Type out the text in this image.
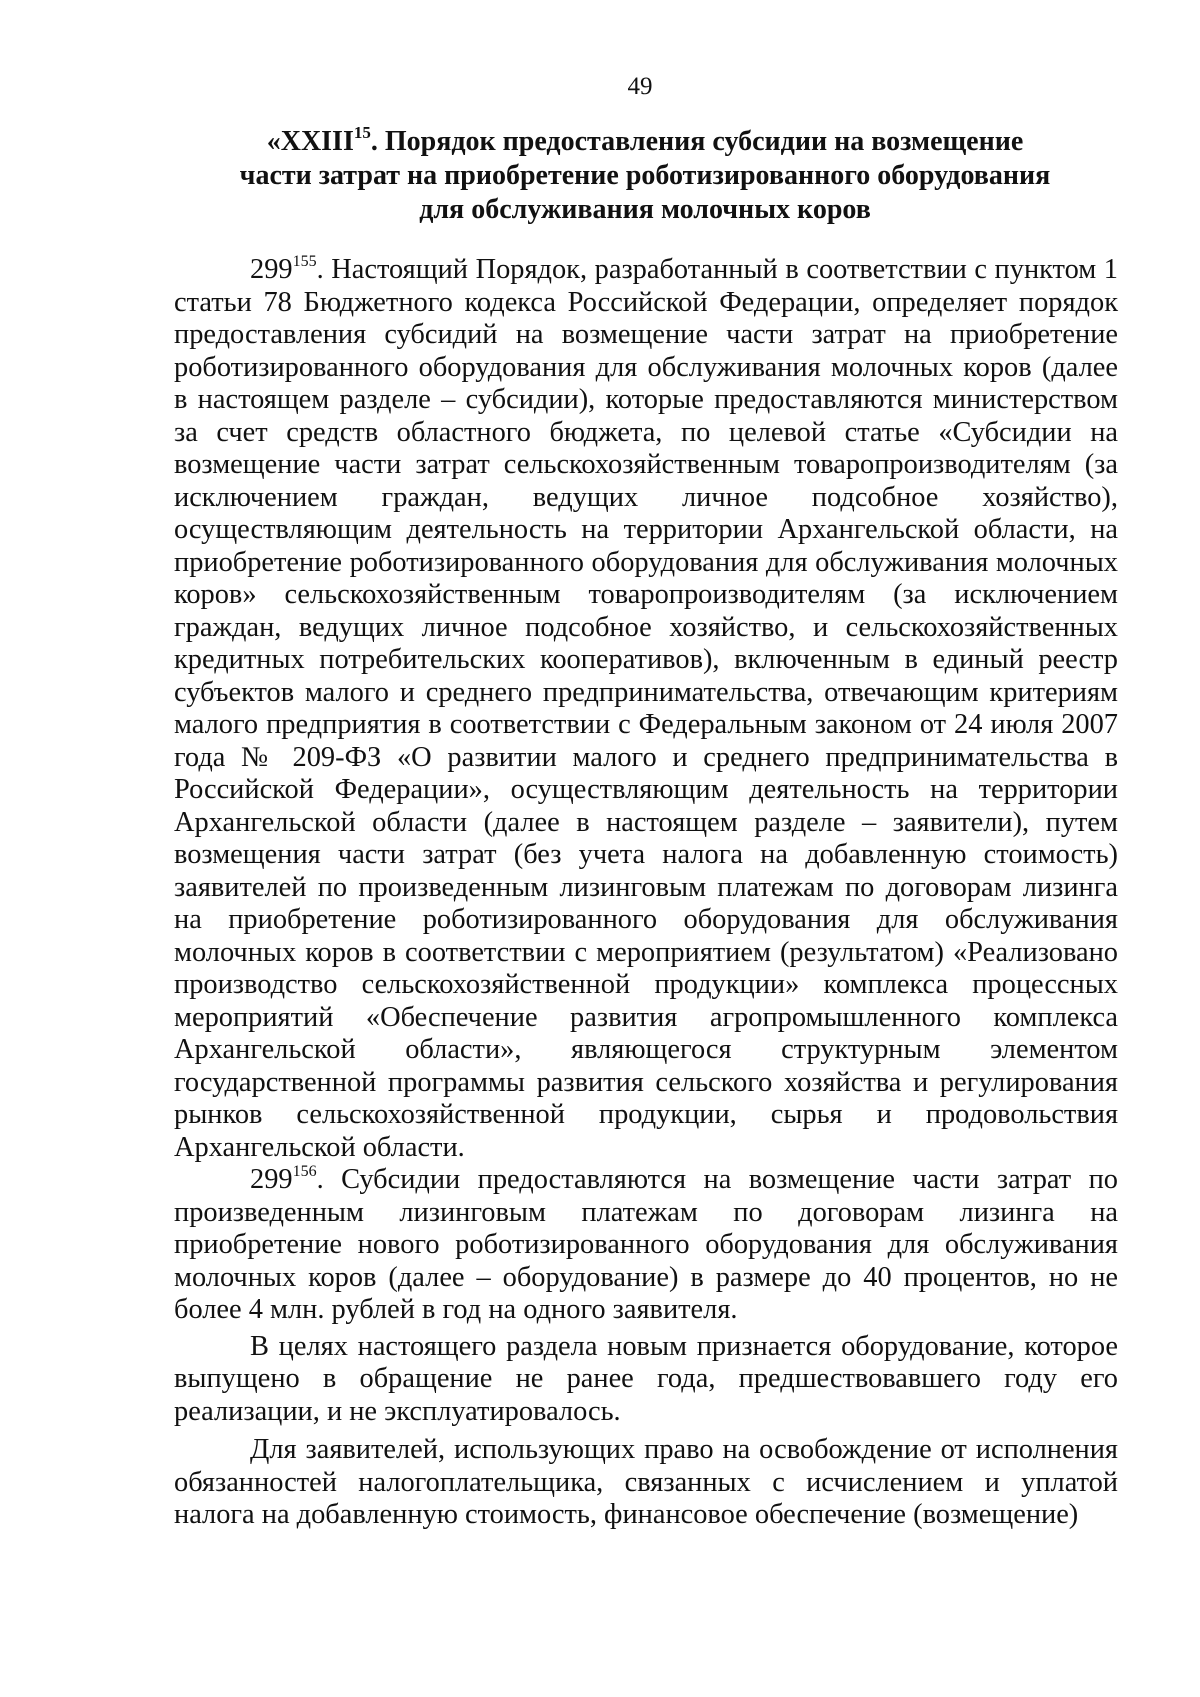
49
«XXIII$^{15}$. Порядок предоставления субсидии на возмещение
части затрат на приобретение роботизированного оборудования
для обслуживания молочных коров

$299^{155}$. Настоящий Порядок, разработанный в соответствии с пунктом 1 статьи 78 Бюджетного кодекса Российской Федерации, определяет порядок предоставления субсидий на возмещение части затрат на приобретение роботизированного оборудования для обслуживания молочных коров (далее в настоящем разделе – субсидии), которые предоставляются министерством за счет средств областного бюджета, по целевой статье «Субсидии на возмещение части затрат сельскохозяйственным товаропроизводителям (за исключением граждан, ведущих личное подсобное хозяйство), осуществляющим деятельность на территории Архангельской области, на приобретение роботизированного оборудования для обслуживания молочных коров» сельскохозяйственным товаропроизводителям (за исключением граждан, ведущих личное подсобное хозяйство, и сельскохозяйственных кредитных потребительских кооперативов), включенным в единый реестр субъектов малого и среднего предпринимательства, отвечающим критериям малого предприятия в соответствии с Федеральным законом от 24 июля 2007 года № 209-ФЗ «О развитии малого и среднего предпринимательства в Российской Федерации», осуществляющим деятельность на территории Архангельской области (далее в настоящем разделе – заявители), путем возмещения части затрат (без учета налога на добавленную стоимость) заявителей по произведенным лизинговым платежам по договорам лизинга на приобретение роботизированного оборудования для обслуживания молочных коров в соответствии с мероприятием (результатом) «Реализовано производство сельскохозяйственной продукции» комплекса процессных мероприятий «Обеспечение развития агропромышленного комплекса Архангельской области», являющегося структурным элементом государственной программы развития сельского хозяйства и регулирования рынков сельскохозяйственной продукции, сырья и продовольствия Архангельской области.

$299^{156}$. Субсидии предоставляются на возмещение части затрат по произведенным лизинговым платежам по договорам лизинга на приобретение нового роботизированного оборудования для обслуживания молочных коров (далее – оборудование) в размере до 40 процентов, но не более 4 млн. рублей в год на одного заявителя.

В целях настоящего раздела новым признается оборудование, которое выпущено в обращение не ранее года, предшествовавшего году его реализации, и не эксплуатировалось.

Для заявителей, использующих право на освобождение от исполнения обязанностей налогоплательщика, связанных с исчислением и уплатой налога на добавленную стоимость, финансовое обеспечение (возмещение)
